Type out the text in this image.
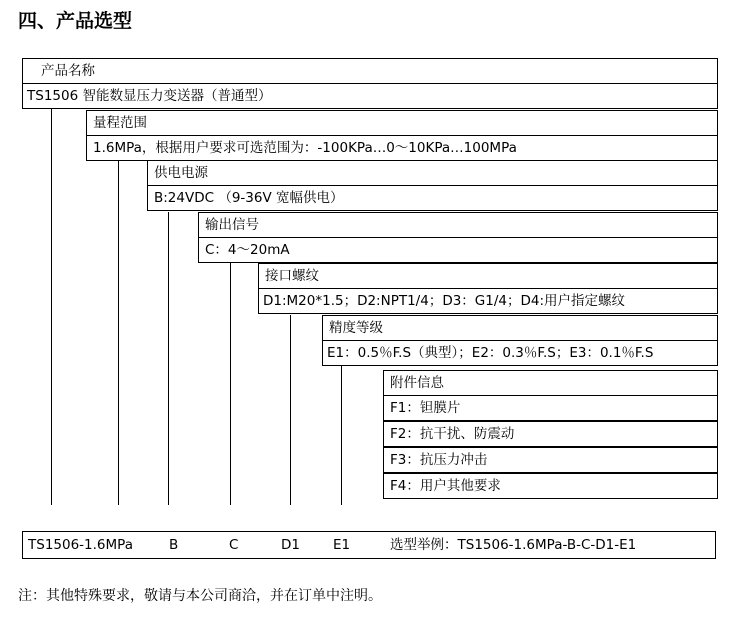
四、产品选型
产品名称
TS1506 智能数显压力变送器（普通型）
量程范围
1.6MPa，根据用户要求可选范围为：-100KPa…0～10KPa…100MPa
供电电源
B:24VDC （9-36V 宽幅供电）
输出信号
C：4～20mA
接口螺纹
D1:M20*1.5；D2:NPT1/4；D3：G1/4；D4:用户指定螺纹
精度等级
E1：0.5％F.S（典型）；E2：0.3％F.S；E3：0.1％F.S
附件信息
F1：钽膜片
F2：抗干扰、防震动
F3：抗压力冲击
F4：用户其他要求
TS1506-1.6MPa	B	C	D1 E1	选型举例：TS1506-1.6MPa-B-C-D1-E1
注：其他特殊要求，敬请与本公司商洽，并在订单中注明。
